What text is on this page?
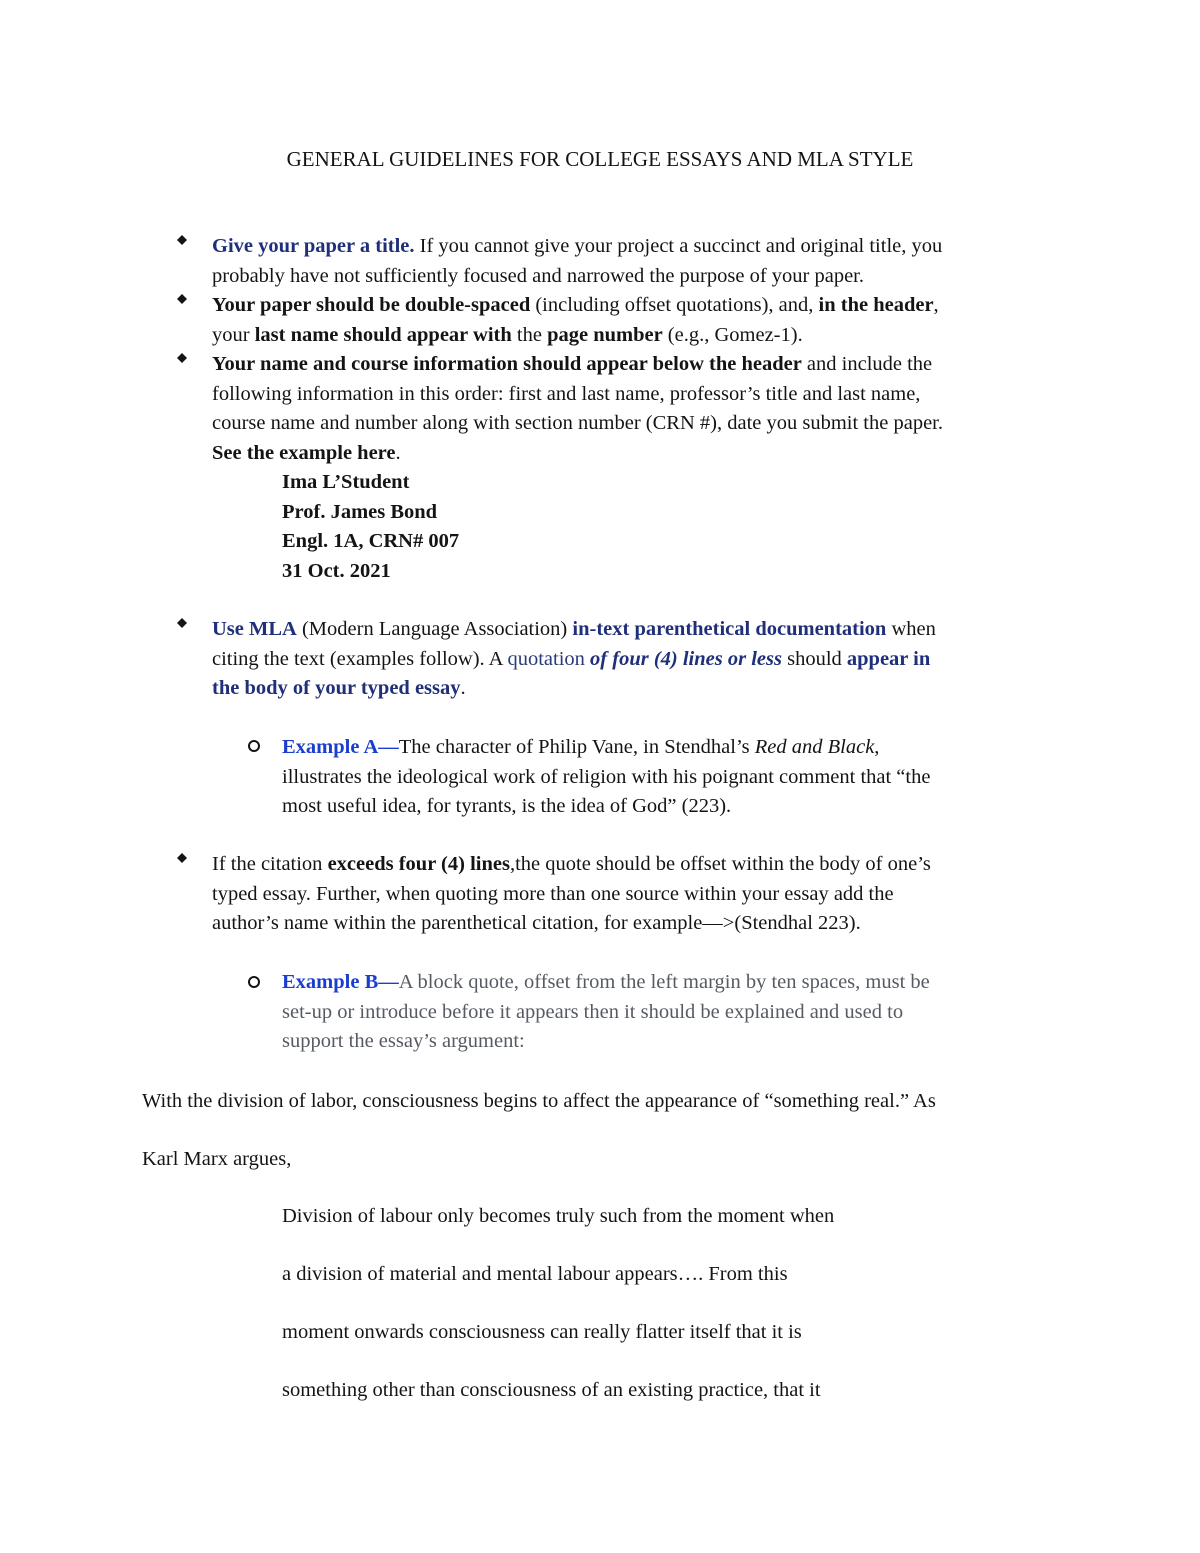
GENERAL GUIDELINES FOR COLLEGE ESSAYS AND MLA STYLE
Give your paper a title. If you cannot give your project a succinct and original title, you
probably have not sufficiently focused and narrowed the purpose of your paper.
Your paper should be double-spaced (including offset quotations), and, in the header,
your last name should appear with the page number (e.g., Gomez-1).
Your name and course information should appear below the header and include the
following information in this order: first and last name, professor’s title and last name,
course name and number along with section number (CRN #), date you submit the paper.
See the example here.
Ima L’Student
Prof. James Bond
Engl. 1A, CRN# 007
31 Oct. 2021
Use MLA (Modern Language Association) in-text parenthetical documentation when
citing the text (examples follow). A quotation of four (4) lines or less should appear in
the body of your typed essay.
Example A—The character of Philip Vane, in Stendhal’s Red and Black,
illustrates the ideological work of religion with his poignant comment that “the
most useful idea, for tyrants, is the idea of God” (223).
If the citation exceeds four (4) lines,the quote should be offset within the body of one’s
typed essay. Further, when quoting more than one source within your essay add the
author’s name within the parenthetical citation, for example—>(Stendhal 223).
Example B—A block quote, offset from the left margin by ten spaces, must be
set-up or introduce before it appears then it should be explained and used to
support the essay’s argument:
With the division of labor, consciousness begins to affect the appearance of “something real.” As
Karl Marx argues,
Division of labour only becomes truly such from the moment when
a division of material and mental labour appears…. From this
moment onwards consciousness can really flatter itself that it is
something other than consciousness of an existing practice, that it
